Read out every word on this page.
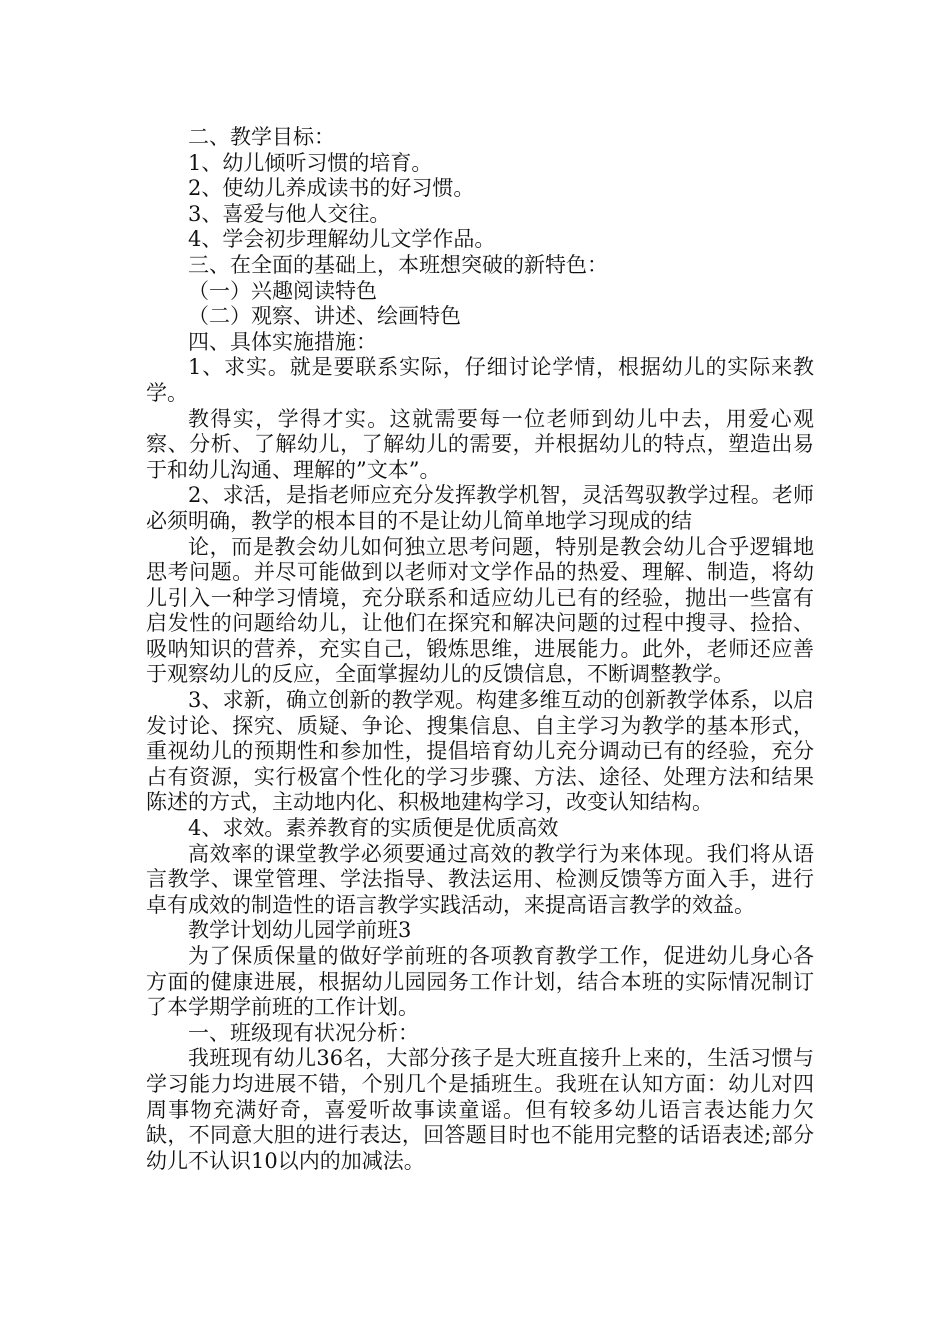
二、教学目标：

1、幼儿倾听习惯的培育。

2、使幼儿养成读书的好习惯。

3、喜爱与他人交往。

4、学会初步理解幼儿文学作品。

三、在全面的基础上，本班想突破的新特色：

（一）兴趣阅读特色

（二）观察、讲述、绘画特色

四、具体实施措施：

1、求实。就是要联系实际，仔细讨论学情，根据幼儿的实际来教学。

教得实，学得才实。这就需要每一位老师到幼儿中去，用爱心观察、分析、了解幼儿，了解幼儿的需要，并根据幼儿的特点，塑造出易于和幼儿沟通、理解的”文本”。

2、求活，是指老师应充分发挥教学机智，灵活驾驭教学过程。老师必须明确，教学的根本目的不是让幼儿简单地学习现成的结

论，而是教会幼儿如何独立思考问题，特别是教会幼儿合乎逻辑地思考问题。并尽可能做到以老师对文学作品的热爱、理解、制造，将幼儿引入一种学习情境，充分联系和适应幼儿已有的经验，抛出一些富有启发性的问题给幼儿，让他们在探究和解决问题的过程中搜寻、捡拾、吸呐知识的营养，充实自己，锻炼思维，进展能力。此外，老师还应善于观察幼儿的反应，全面掌握幼儿的反馈信息，不断调整教学。

3、求新，确立创新的教学观。构建多维互动的创新教学体系，以启发讨论、探究、质疑、争论、搜集信息、自主学习为教学的基本形式，重视幼儿的预期性和参加性，提倡培育幼儿充分调动已有的经验，充分占有资源，实行极富个性化的学习步骤、方法、途径、处理方法和结果陈述的方式，主动地内化、积极地建构学习，改变认知结构。

4、求效。素养教育的实质便是优质高效

高效率的课堂教学必须要通过高效的教学行为来体现。我们将从语言教学、课堂管理、学法指导、教法运用、检测反馈等方面入手，进行卓有成效的制造性的语言教学实践活动，来提高语言教学的效益。

教学计划幼儿园学前班3

为了保质保量的做好学前班的各项教育教学工作，促进幼儿身心各方面的健康进展，根据幼儿园园务工作计划，结合本班的实际情况制订了本学期学前班的工作计划。

一、班级现有状况分析：

我班现有幼儿36名，大部分孩子是大班直接升上来的，生活习惯与学习能力均进展不错，个别几个是插班生。我班在认知方面：幼儿对四周事物充满好奇，喜爱听故事读童谣。但有较多幼儿语言表达能力欠缺，不同意大胆的进行表达，回答题目时也不能用完整的话语表述;部分幼儿不认识10以内的加减法。
